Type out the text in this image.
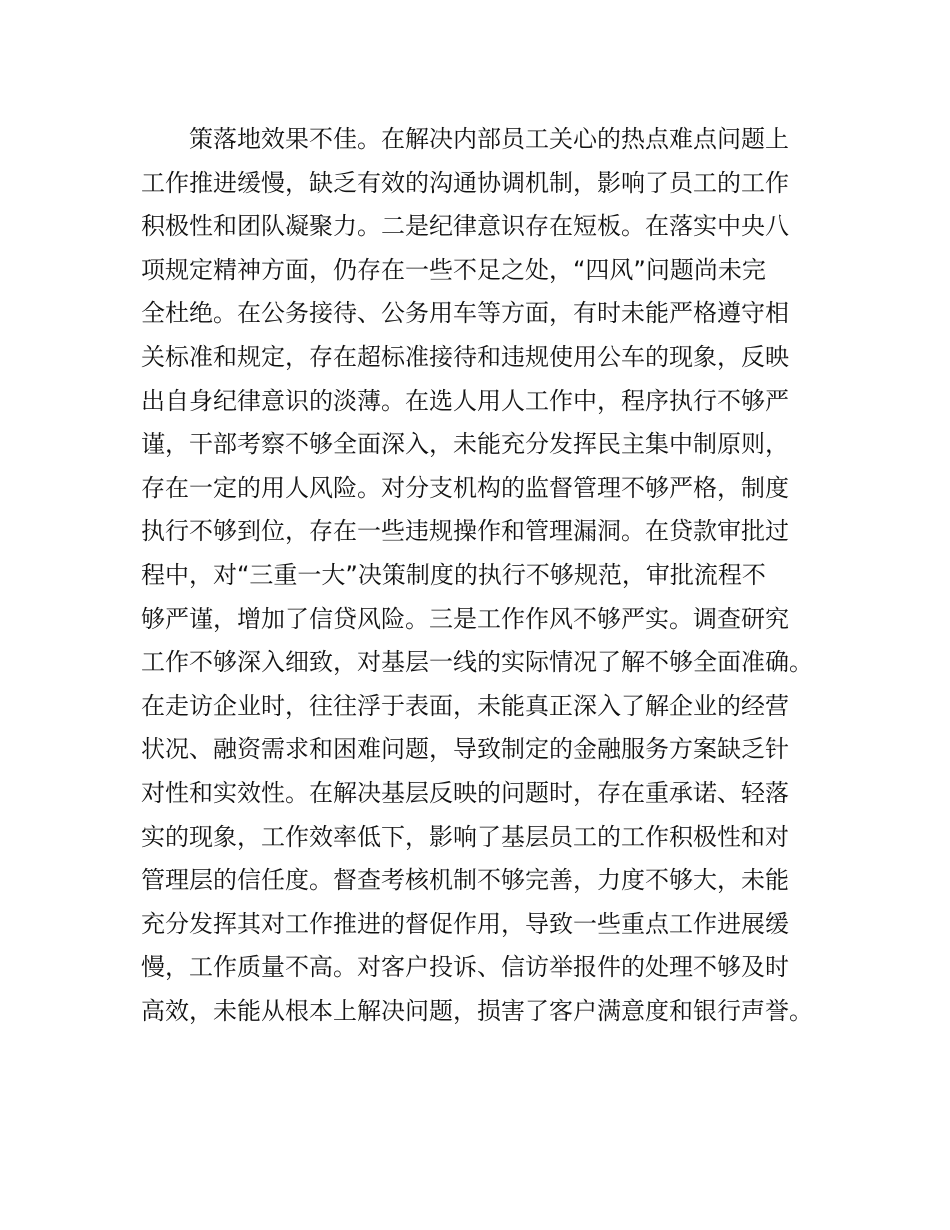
策落地效果不佳。在解决内部员工关心的热点难点问题上
工作推进缓慢，缺乏有效的沟通协调机制，影响了员工的工作
积极性和团队凝聚力。二是纪律意识存在短板。在落实中央八
项规定精神方面，仍存在一些不足之处，“四风”问题尚未完
全杜绝。在公务接待、公务用车等方面，有时未能严格遵守相
关标准和规定，存在超标准接待和违规使用公车的现象，反映
出自身纪律意识的淡薄。在选人用人工作中，程序执行不够严
谨，干部考察不够全面深入，未能充分发挥民主集中制原则，
存在一定的用人风险。对分支机构的监督管理不够严格，制度
执行不够到位，存在一些违规操作和管理漏洞。在贷款审批过
程中，对“三重一大”决策制度的执行不够规范，审批流程不
够严谨，增加了信贷风险。三是工作作风不够严实。调查研究
工作不够深入细致，对基层一线的实际情况了解不够全面准确。
在走访企业时，往往浮于表面，未能真正深入了解企业的经营
状况、融资需求和困难问题，导致制定的金融服务方案缺乏针
对性和实效性。在解决基层反映的问题时，存在重承诺、轻落
实的现象，工作效率低下，影响了基层员工的工作积极性和对
管理层的信任度。督查考核机制不够完善，力度不够大，未能
充分发挥其对工作推进的督促作用，导致一些重点工作进展缓
慢，工作质量不高。对客户投诉、信访举报件的处理不够及时
高效，未能从根本上解决问题，损害了客户满意度和银行声誉。
